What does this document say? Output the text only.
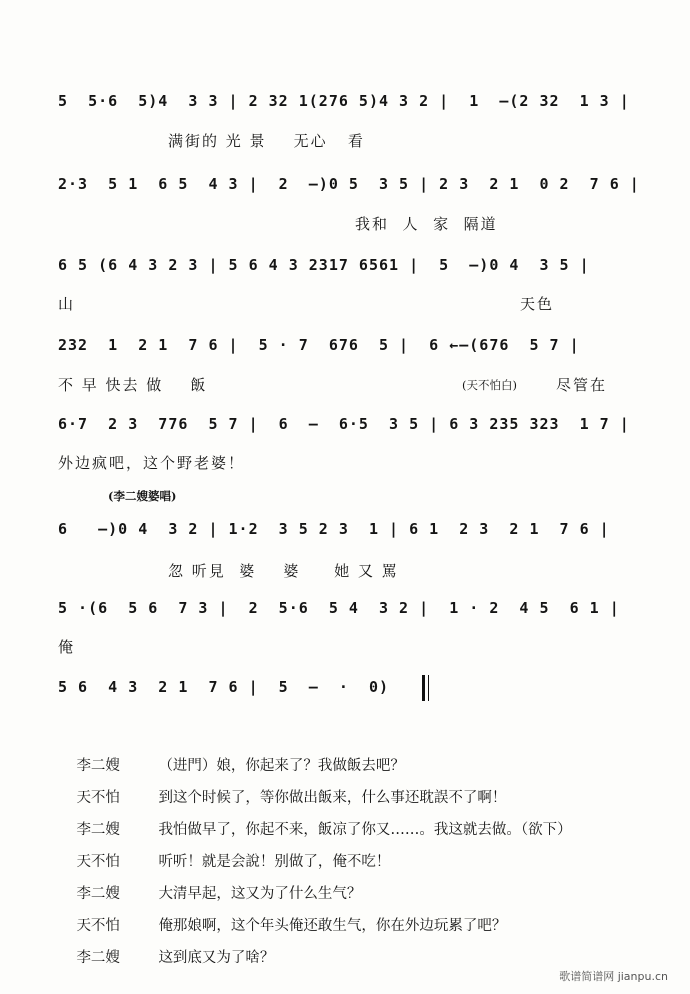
5  5·6  5)4  3 3 | 2 32 1(276 5)4 3 2 |  1  —(2 32  1 3 |
满街的 光 景    无心   看
2·3  5 1  6 5  4 3 |  2  —)0 5  3 5 | 2 3  2 1  0 2  7 6 |
我和  人  家  隔道
6 5 (6 4 3 2 3 | 5 6 4 3 2317 6561 |  5  —)0 4  3 5 |
山	天色
232  1  2 1  7 6 |  5 · 7  676  5 |  6 ←—(676  5 7 |
不 早 快去 做    飯	(天不怕白)	尽管在
6·7  2 3  776  5 7 |  6  —  6·5  3 5 | 6 3 235 323  1 7 |
外边疯吧，这个野老婆！
(李二嫂婆唱)
6   —)0 4  3 2 | 1·2  3 5 2 3  1 | 6 1  2 3  2 1  7 6 |
忽 听見  婆    婆     她 又 罵
5 ·(6  5 6  7 3 |  2  5·6  5 4  3 2 |  1 · 2  4 5  6 1 |
俺
5 6  4 3  2 1  7 6 |  5  —  ·  0)

李二嫂	（进門）娘，你起来了？我做飯去吧？

天不怕	到这个时候了，等你做出飯来，什么事还耽誤不了啊！

李二嫂	我怕做早了，你起不来，飯凉了你又……。我这就去做。（欲下）

天不怕	听听！就是会說！别做了，俺不吃！

李二嫂	大清早起，这又为了什么生气？

天不怕	俺那娘啊，这个年头俺还敢生气，你在外边玩累了吧？

李二嫂	这到底又为了啥？

歌谱简谱网 jianpu.cn
